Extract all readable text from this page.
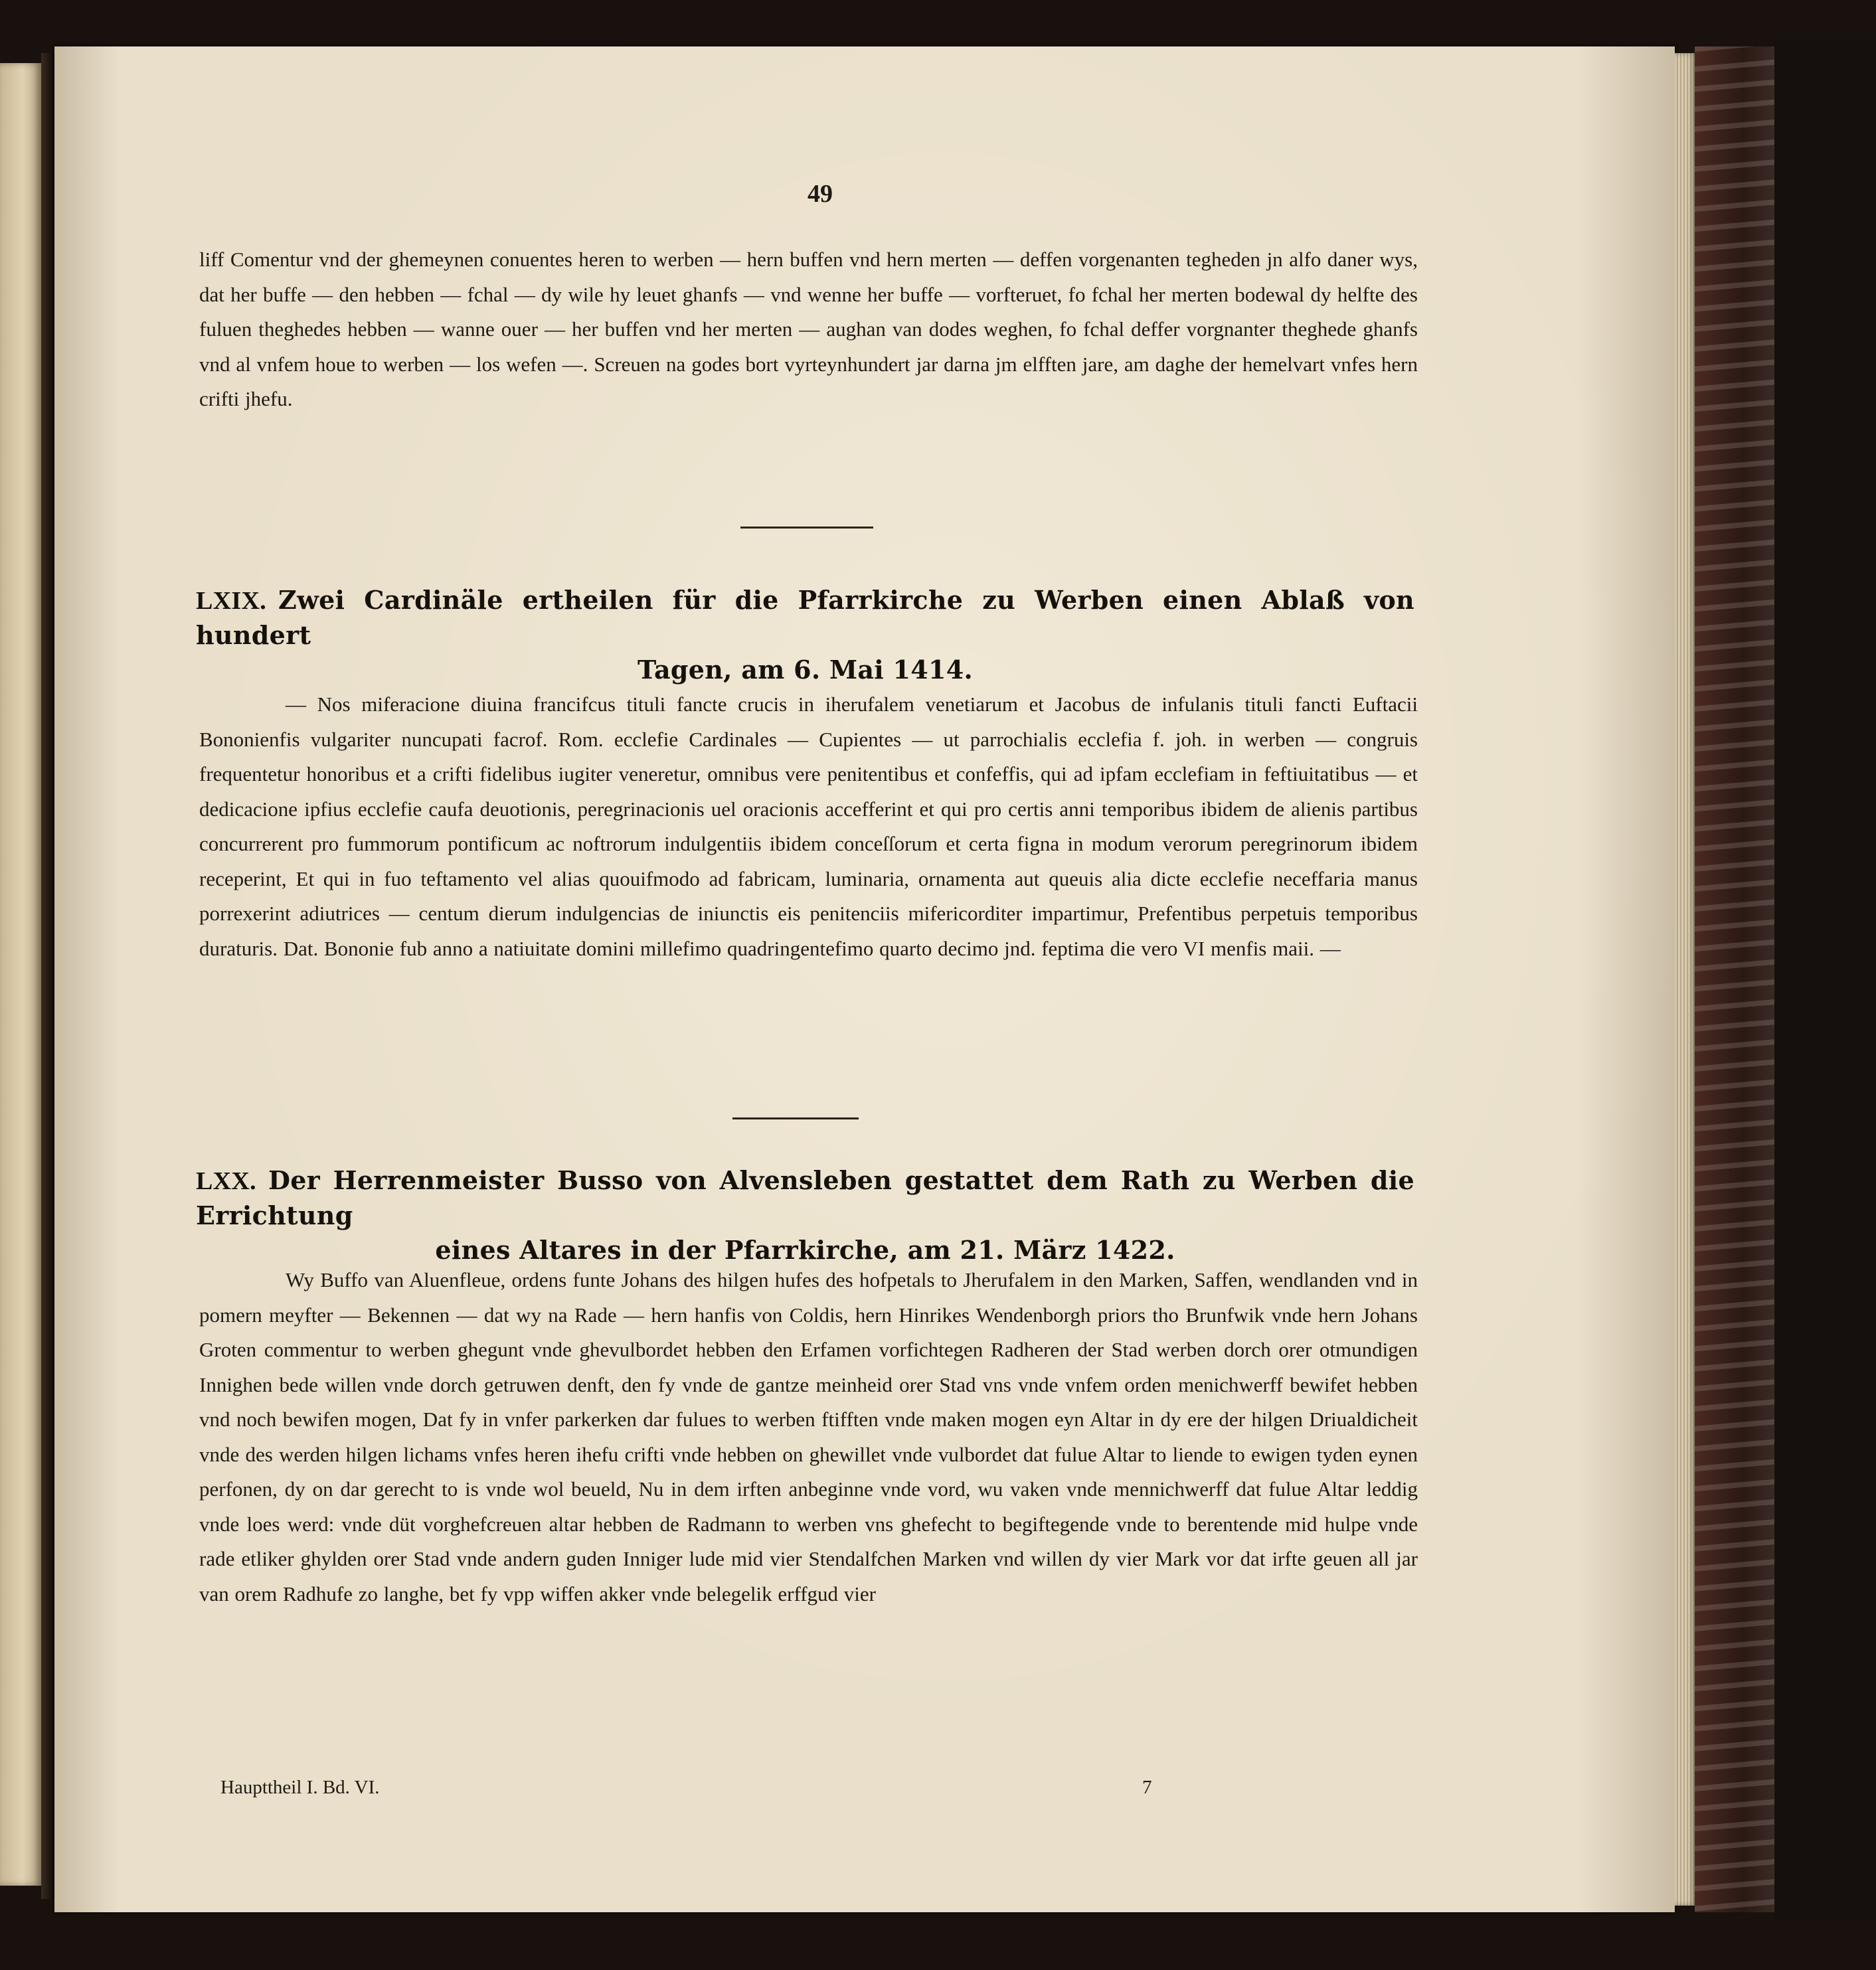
49

liff Comentur vnd der ghemeynen conuentes heren to werben — hern buffen vnd hern merten — deffen vorgenanten tegheden jn alfo daner wys, dat her buffe — den hebben — fchal — dy wile hy leuet ghanfs — vnd wenne her buffe — vorfteruet, fo fchal her merten bodewal dy helfte des fuluen theghedes hebben — wanne ouer — her buffen vnd her merten — aughan van dodes weghen, fo fchal deffer vorgnanter theghede ghanfs vnd al vnfem houe to werben — los wefen —. Screuen na godes bort vyrteynhundert jar darna jm elfften jare, am daghe der hemelvart vnfes hern crifti jhefu.

LXIX. Zwei Cardinäle ertheilen für die Pfarrkirche zu Werben einen Ablaß von hundert
Tagen, am 6. Mai 1414.

— Nos miferacione diuina francifcus tituli fancte crucis in iherufalem venetiarum et Jacobus de infulanis tituli fancti Euftacii Bononienfis vulgariter nuncupati facrof. Rom. ecclefie Cardinales — Cupientes — ut parrochialis ecclefia f. joh. in werben — congruis frequentetur honoribus et a crifti fidelibus iugiter veneretur, omnibus vere penitentibus et confeffis, qui ad ipfam ecclefiam in feftiuitatibus — et dedicacione ipfius ecclefie caufa deuotionis, peregrinacionis uel oracionis accefferint et qui pro certis anni temporibus ibidem de alienis partibus concurrerent pro fummorum pontificum ac noftrorum indulgentiis ibidem conceſſorum et certa figna in modum verorum peregrinorum ibidem receperint, Et qui in fuo teftamento vel alias quouifmodo ad fabricam, luminaria, ornamenta aut queuis alia dicte ecclefie neceffaria manus porrexerint adiutrices — centum dierum indulgencias de iniunctis eis penitenciis mifericorditer impartimur, Prefentibus perpetuis temporibus duraturis. Dat. Bononie fub anno a natiuitate domini millefimo quadringentefimo quarto decimo jnd. feptima die vero VI menfis maii. —

LXX. Der Herrenmeister Busso von Alvensleben gestattet dem Rath zu Werben die Errichtung
eines Altares in der Pfarrkirche, am 21. März 1422.

Wy Buffo van Aluenfleue, ordens funte Johans des hilgen hufes des hofpetals to Jherufalem in den Marken, Saffen, wendlanden vnd in pomern meyfter — Bekennen — dat wy na Rade — hern hanfis von Coldis, hern Hinrikes Wendenborgh priors tho Brunfwik vnde hern Johans Groten commentur to werben ghegunt vnde ghevulbordet hebben den Erfamen vorfichtegen Radheren der Stad werben dorch orer otmundigen Innighen bede willen vnde dorch getruwen denft, den fy vnde de gantze meinheid orer Stad vns vnde vnfem orden menichwerff bewifet hebben vnd noch bewifen mogen, Dat fy in vnfer parkerken dar fulues to werben ftifften vnde maken mogen eyn Altar in dy ere der hilgen Driualdicheit vnde des werden hilgen lichams vnfes heren ihefu crifti vnde hebben on ghewillet vnde vulbordet dat fulue Altar to liende to ewigen tyden eynen perfonen, dy on dar gerecht to is vnde wol beueld, Nu in dem irften anbeginne vnde vord, wu vaken vnde mennichwerff dat fulue Altar leddig vnde loes werd: vnde düt vorghefcreuen altar hebben de Radmann to werben vns ghefecht to begiftegende vnde to berentende mid hulpe vnde rade etliker ghylden orer Stad vnde andern guden Inniger lude mid vier Stendalfchen Marken vnd willen dy vier Mark vor dat irfte geuen all jar van orem Radhufe zo langhe, bet fy vpp wiffen akker vnde belegelik erffgud vier

Haupttheil I. Bd. VI.	7
